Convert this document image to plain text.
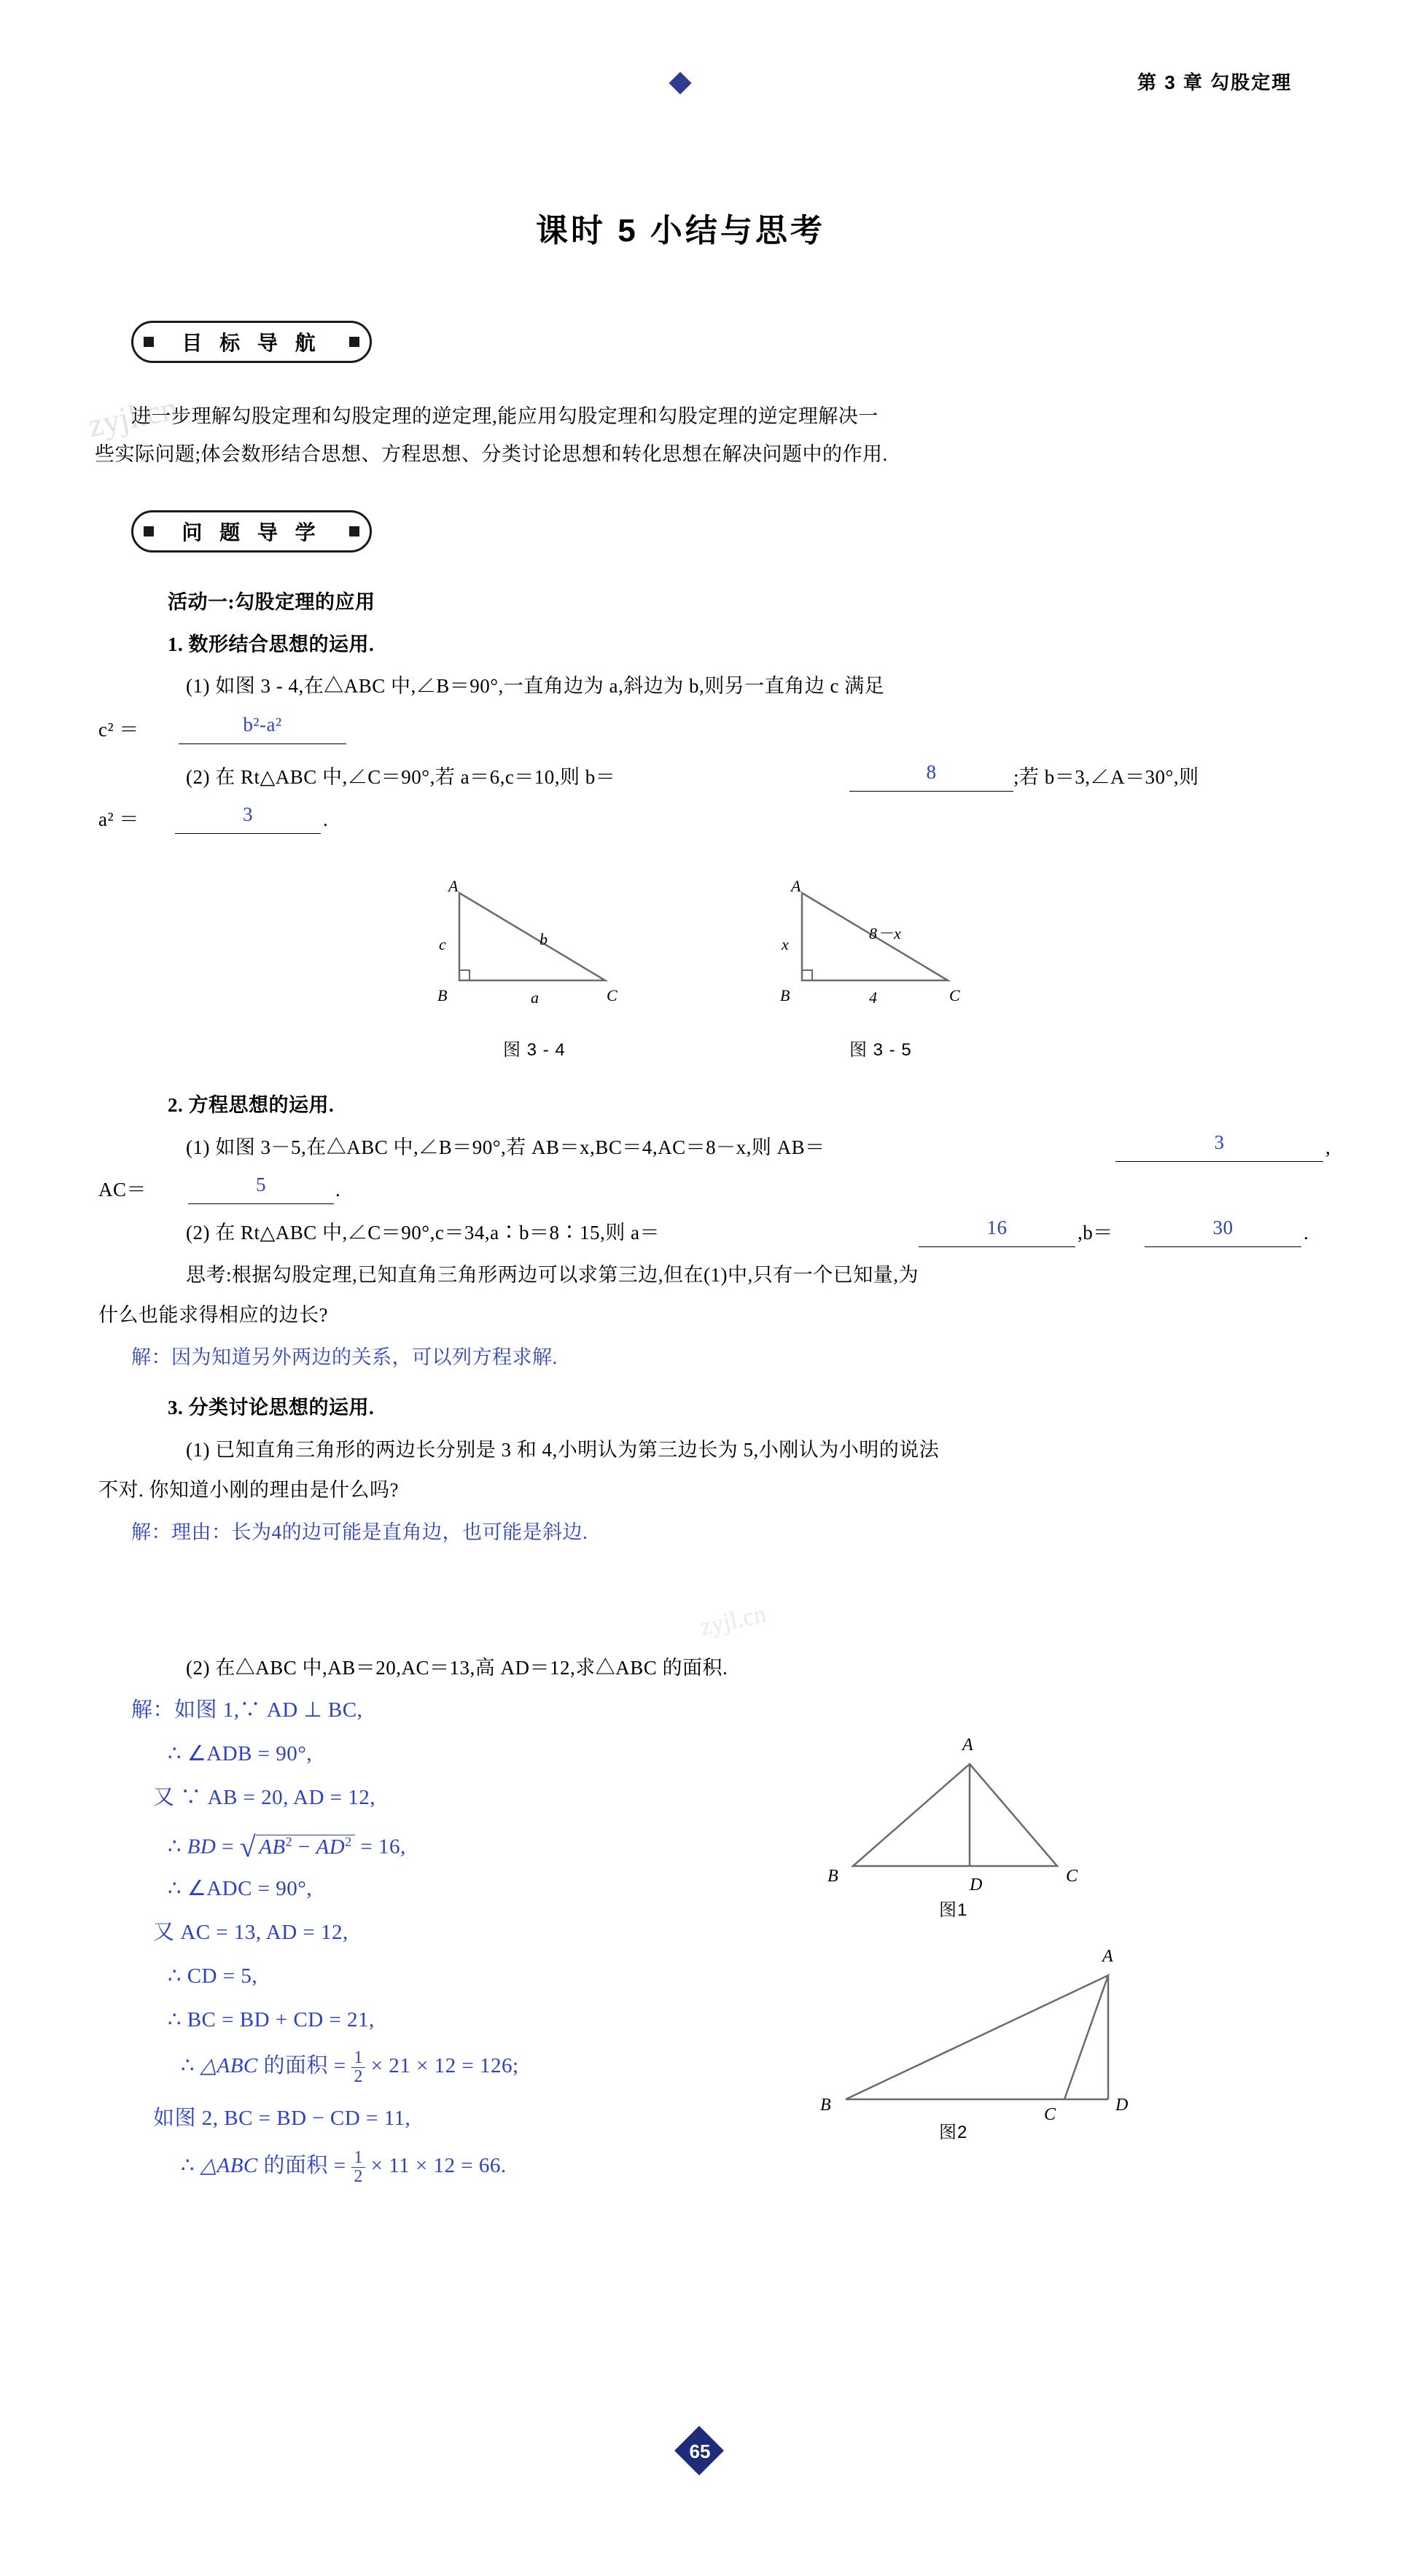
第 3 章 勾股定理
zyjl.cn
zyjl.cn
课时 5 小结与思考
目 标 导 航
进一步理解勾股定理和勾股定理的逆定理,能应用勾股定理和勾股定理的逆定理解决一
些实际问题;体会数形结合思想、方程思想、分类讨论思想和转化思想在解决问题中的作用.
问 题 导 学
活动一:勾股定理的应用
1. 数形结合思想的运用.
(1) 如图 3 - 4,在△ABC 中,∠B＝90°,一直角边为 a,斜边为 b,则另一直角边 c 满足
c² ＝	b²-a²
(2) 在 Rt△ABC 中,∠C＝90°,若 a＝6,c＝10,则 b＝	8	;若 b＝3,∠A＝30°,则
a² ＝	3	.
A
B	C
c	b
a
图 3 - 4
A
B	C
x
8－x
4
图 3 - 5
2. 方程思想的运用.
(1) 如图 3－5,在△ABC 中,∠B＝90°,若 AB＝x,BC＝4,AC＝8－x,则 AB＝	3	,
AC＝	5	.
(2) 在 Rt△ABC 中,∠C＝90°,c＝34,a∶b＝8∶15,则 a＝	16	,b＝	30	.
思考:根据勾股定理,已知直角三角形两边可以求第三边,但在(1)中,只有一个已知量,为
什么也能求得相应的边长?
解：因为知道另外两边的关系，可以列方程求解.
3. 分类讨论思想的运用.
(1) 已知直角三角形的两边长分别是 3 和 4,小明认为第三边长为 5,小刚认为小明的说法
不对. 你知道小刚的理由是什么吗?
解：理由：长为4的边可能是直角边，也可能是斜边.
(2) 在△ABC 中,AB＝20,AC＝13,高 AD＝12,求△ABC 的面积.
解：如图 1,∵ AD ⊥ BC,
∴ ∠ADB = 90°,
又 ∵ AB = 20, AD = 12,
∴ BD = √ $AB^2 - AD^2 = 16$,
∴ ∠ADC = 90°,
又 AC = 13, AD = 12,
∴ CD = 5,
∴ BC = BD + CD = 21,
∴ △ABC 的面积 = $\frac{1}{2} \times 21 \times 12 = 126$;
如图 2, BC = BD − CD = 11,
∴ △ABC 的面积 = $\frac{1}{2} \times 11 \times 12 = 66$.
A
B	C
D
图1
A
B	C	D
图2
65
